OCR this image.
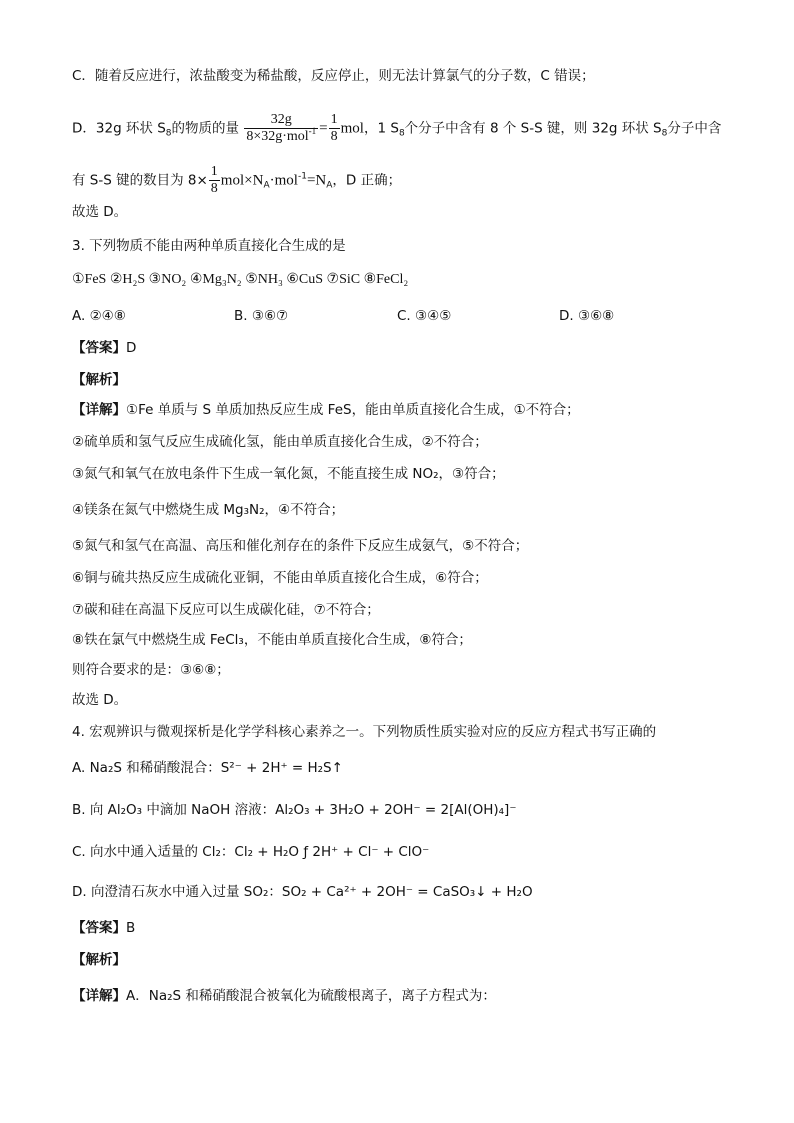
C．随着反应进行，浓盐酸变为稀盐酸，反应停止，则无法计算氯气的分子数，C 错误；
D．32g 环状 $S_8$的物质的量 $\frac{32g}{8\times 32g\cdot mol^{-1}} = \frac{1}{8}$ mol，1 $S_8$个分子中含有 8 个 S-S 键，则 32g 环状 $S_8$分子中含
有 S-S 键的数目为 $8\times \frac{1}{8} mol\times N_A\cdot mol^{-1}=N_A$，D 正确；
故选 D。
3. 下列物质不能由两种单质直接化合生成的是
①FeS ②H₂S ③NO₂ ④Mg₃N₂ ⑤NH₃ ⑥CuS ⑦SiC ⑧FeCl₂
A. ②④⑧	B. ③⑥⑦	C. ③④⑤	D. ③⑥⑧
【答案】D
【解析】
【详解】①Fe 单质与 S 单质加热反应生成 FeS，能由单质直接化合生成，①不符合；
②硫单质和氢气反应生成硫化氢，能由单质直接化合生成，②不符合；
③氮气和氧气在放电条件下生成一氧化氮，不能直接生成 NO₂，③符合；
④镁条在氮气中燃烧生成 Mg₃N₂，④不符合；
⑤氮气和氢气在高温、高压和催化剂存在的条件下反应生成氨气，⑤不符合；
⑥铜与硫共热反应生成硫化亚铜，不能由单质直接化合生成，⑥符合；
⑦碳和硅在高温下反应可以生成碳化硅，⑦不符合；
⑧铁在氯气中燃烧生成 FeCl₃，不能由单质直接化合生成，⑧符合；
则符合要求的是：③⑥⑧；
故选 D。
4. 宏观辨识与微观探析是化学学科核心素养之一。下列物质性质实验对应的反应方程式书写正确的
A. Na₂S 和稀硝酸混合：S²⁻ + 2H⁺ = H₂S↑
B. 向 Al₂O₃ 中滴加 NaOH 溶液：Al₂O₃ + 3H₂O + 2OH⁻ = 2[Al(OH)₄]⁻
C. 向水中通入适量的 Cl₂：Cl₂ + H₂O ƒ 2H⁺ + Cl⁻ + ClO⁻
D. 向澄清石灰水中通入过量 SO₂：SO₂ + Ca²⁺ + 2OH⁻ = CaSO₃↓ + H₂O
【答案】B
【解析】
【详解】A．Na₂S 和稀硝酸混合被氧化为硫酸根离子，离子方程式为：
